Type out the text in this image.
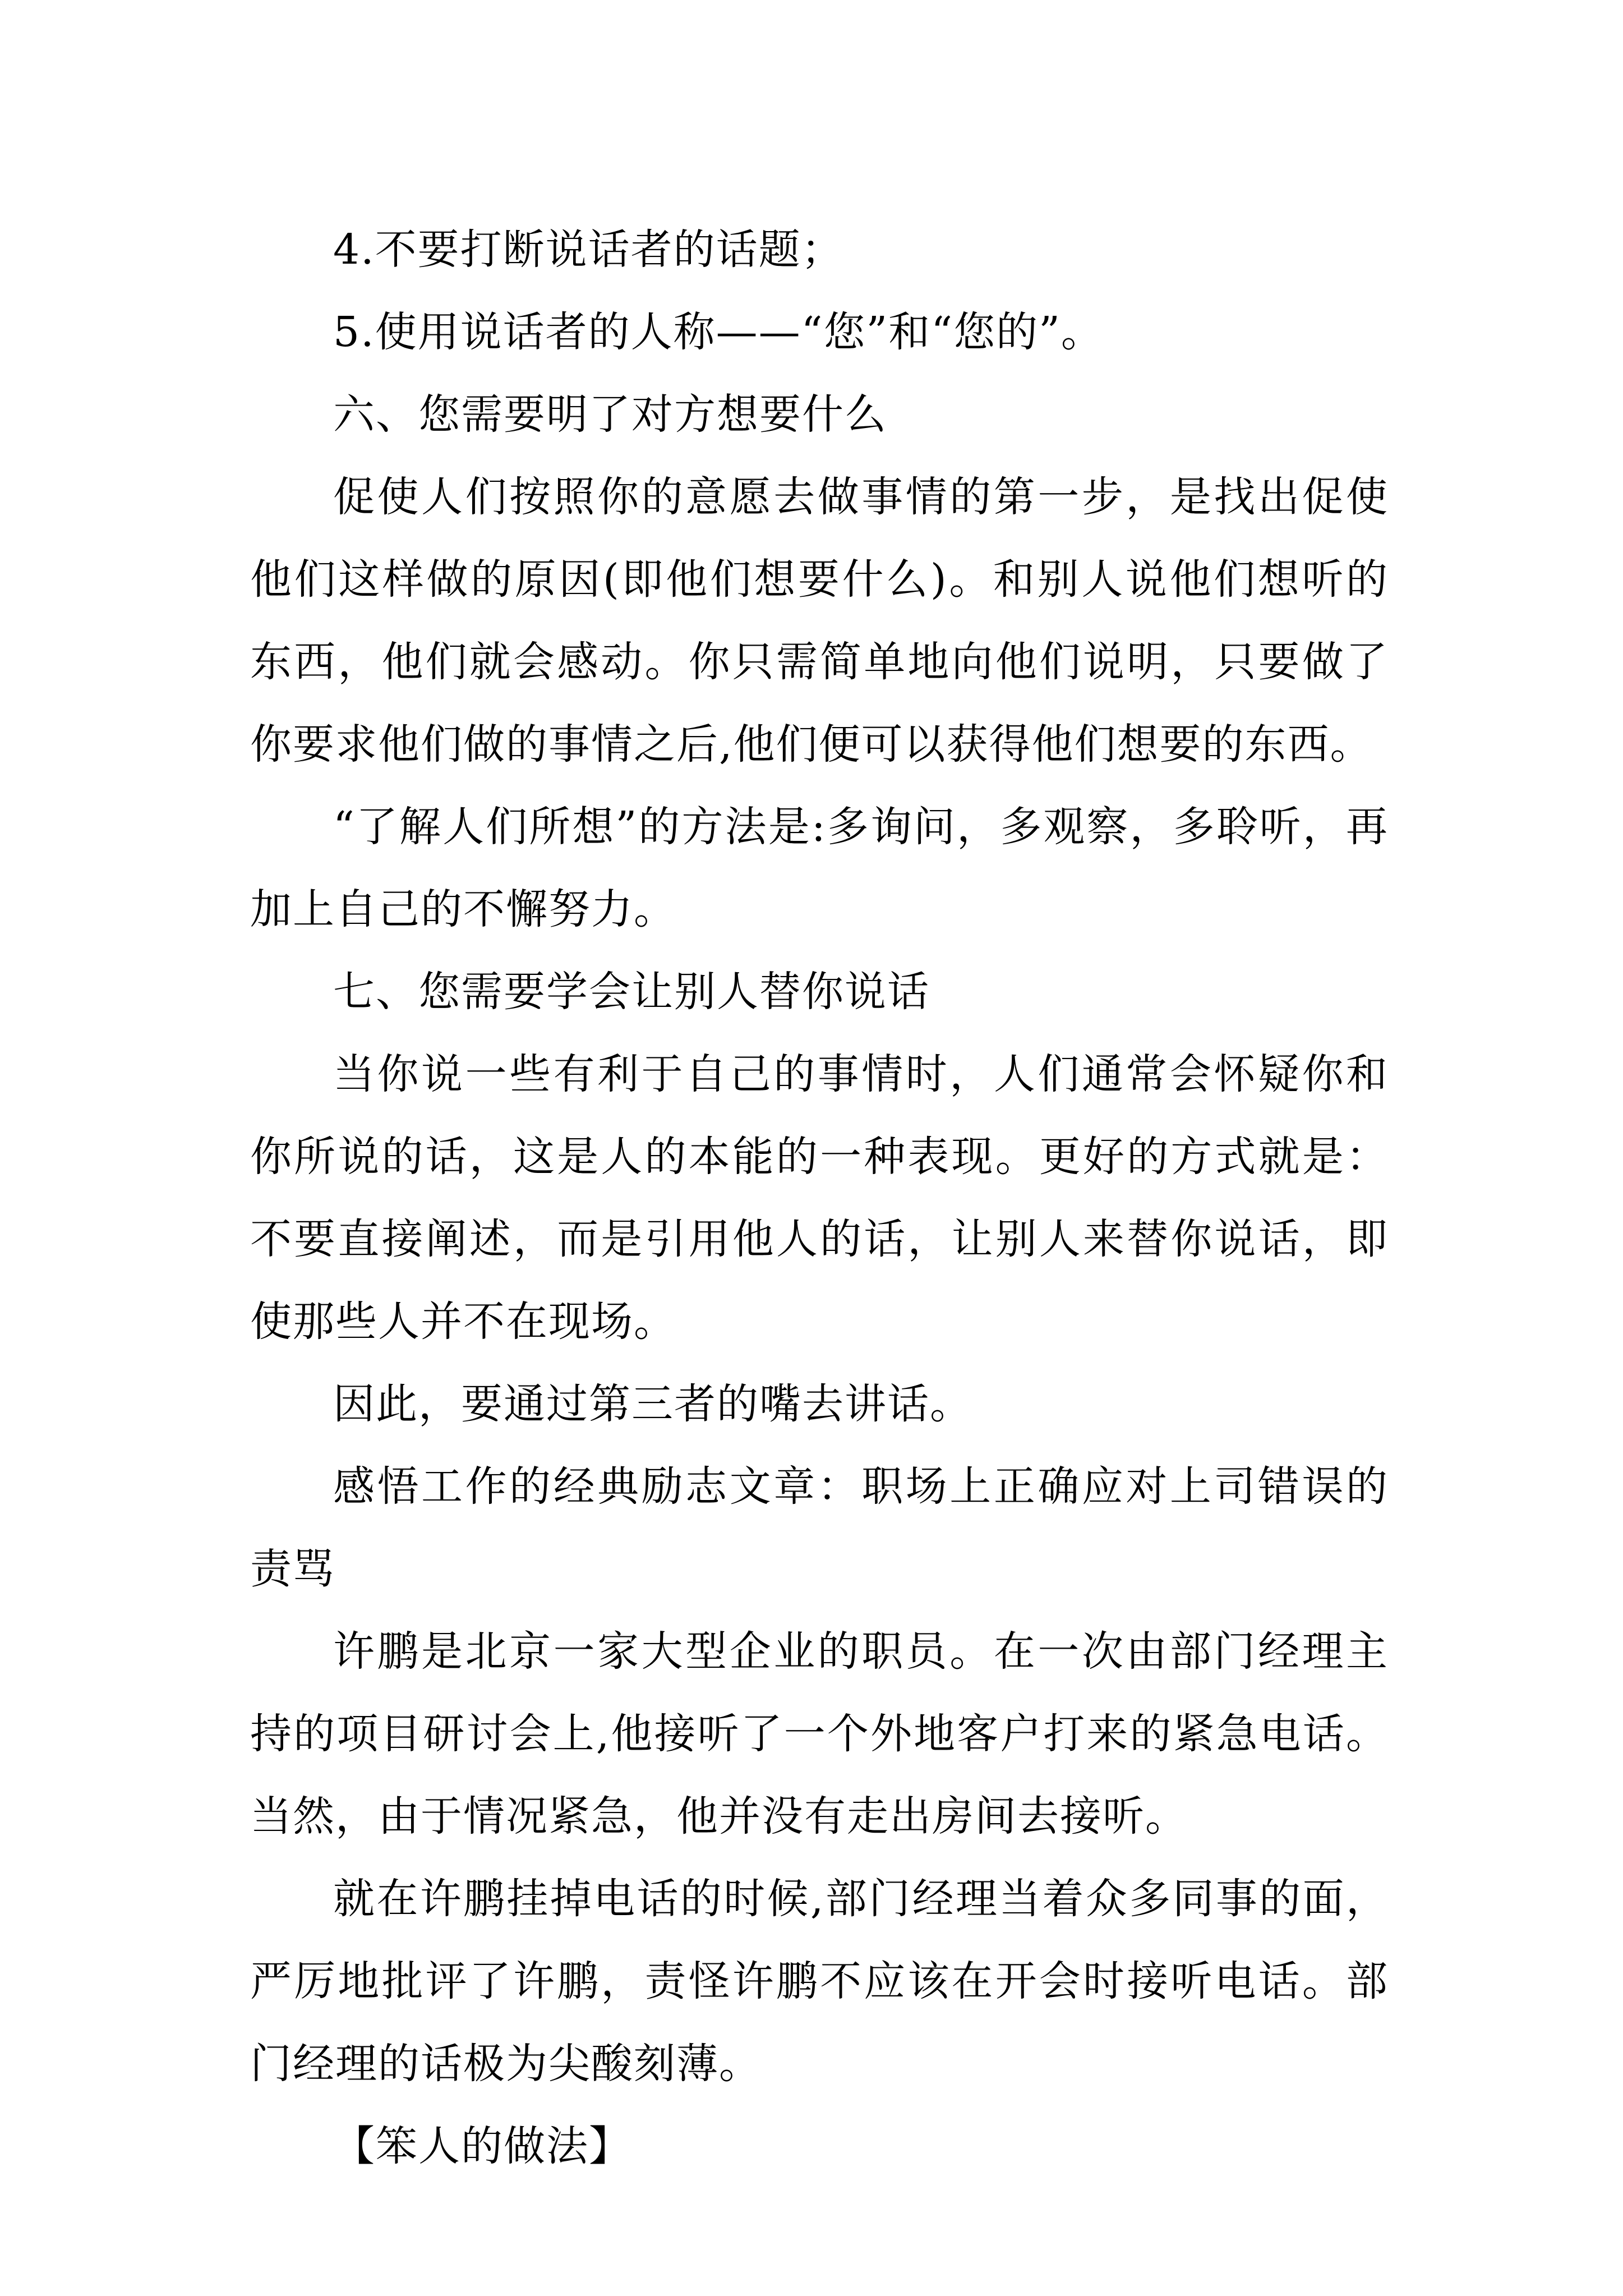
4.不要打断说话者的话题；

5.使用说话者的人称——“您”和“您的”。

六、您需要明了对方想要什么

促使人们按照你的意愿去做事情的第一步，是找出促使他们这样做的原因(即他们想要什么)。和别人说他们想听的东西，他们就会感动。你只需简单地向他们说明，只要做了你要求他们做的事情之后,他们便可以获得他们想要的东西。

“了解人们所想”的方法是:多询问，多观察，多聆听，再加上自己的不懈努力。

七、您需要学会让别人替你说话

当你说一些有利于自己的事情时，人们通常会怀疑你和你所说的话，这是人的本能的一种表现。更好的方式就是：不要直接阐述，而是引用他人的话，让别人来替你说话，即使那些人并不在现场。

因此，要通过第三者的嘴去讲话。

感悟工作的经典励志文章：职场上正确应对上司错误的责骂

许鹏是北京一家大型企业的职员。在一次由部门经理主持的项目研讨会上,他接听了一个外地客户打来的紧急电话。当然，由于情况紧急，他并没有走出房间去接听。

就在许鹏挂掉电话的时候,部门经理当着众多同事的面，严厉地批评了许鹏，责怪许鹏不应该在开会时接听电话。部门经理的话极为尖酸刻薄。

【笨人的做法】
